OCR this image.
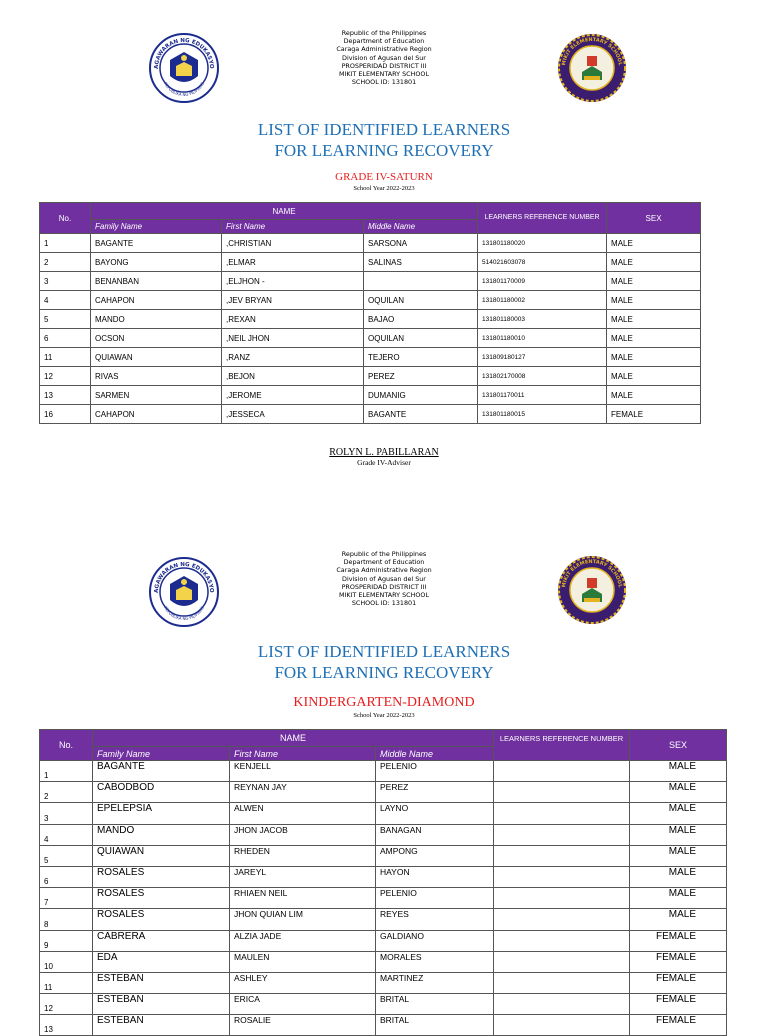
AGAWARAN NG EDUKASYO
REPUBLIKA NG PILIPINAS
Republic of the Philippines
Department of Education
Caraga Administrative Region
Division of Agusan del Sur
PROSPERIDAD DISTRICT III
MIKIT ELEMENTARY SCHOOL
SCHOOL ID: 131801
MIKIT ELEMENTARY SCHOOL
LIST OF IDENTIFIED LEARNERS
FOR LEARNING RECOVERY
GRADE IV-SATURN
School Year 2022-2023
No.	NAME			LEARNERS REFERENCE NUMBER	SEX
	Family Name	First Name	Middle Name		
1	BAGANTE	,CHRISTIAN	SARSONA	131801180020	MALE
2	BAYONG	,ELMAR	SALINAS	514021603078	MALE
3	BENANBAN	,ELJHON -		131801170009	MALE
4	CAHAPON	,JEV BRYAN	OQUILAN	131801180002	MALE
5	MANDO	,REXAN	BAJAO	131801180003	MALE
6	OCSON	,NEIL JHON	OQUILAN	131801180010	MALE
11	QUIAWAN	,RANZ	TEJERO	131809180127	MALE
12	RIVAS	,BEJON	PEREZ	131802170008	MALE
13	SARMEN	,JEROME	DUMANIG	131801170011	MALE
16	CAHAPON	,JESSECA	BAGANTE	131801180015	FEMALE
ROLYN L. PABILLARAN
Grade IV-Adviser
AGAWARAN NG EDUKASYO
REPUBLIKA NG PILIPINAS
Republic of the Philippines
Department of Education
Caraga Administrative Region
Division of Agusan del Sur
PROSPERIDAD DISTRICT III
MIKIT ELEMENTARY SCHOOL
SCHOOL ID: 131801
MIKIT ELEMENTARY SCHOOL
LIST OF IDENTIFIED LEARNERS
FOR LEARNING RECOVERY
KINDERGARTEN-DIAMOND
School Year 2022-2023
No.	NAME			LEARNERS REFERENCE NUMBER	SEX
	Family Name	First Name	Middle Name		
1	BAGANTE	KENJELL	PELENIO		MALE
2	CABODBOD	REYNAN JAY	PEREZ		MALE
3	EPELEPSIA	ALWEN	LAYNO		MALE
4	MANDO	JHON JACOB	BANAGAN		MALE
5	QUIAWAN	RHEDEN	AMPONG		MALE
6	ROSALES	JAREYL	HAYON		MALE
7	ROSALES	RHIAEN NEIL	PELENIO		MALE
8	ROSALES	JHON QUIAN LIM	REYES		MALE
9	CABRERA	ALZIA JADE	GALDIANO		FEMALE
10	EDA	MAULEN	MORALES		FEMALE
11	ESTEBAN	ASHLEY	MARTINEZ		FEMALE
12	ESTEBAN	ERICA	BRITAL		FEMALE
13	ESTEBAN	ROSALIE	BRITAL		FEMALE
